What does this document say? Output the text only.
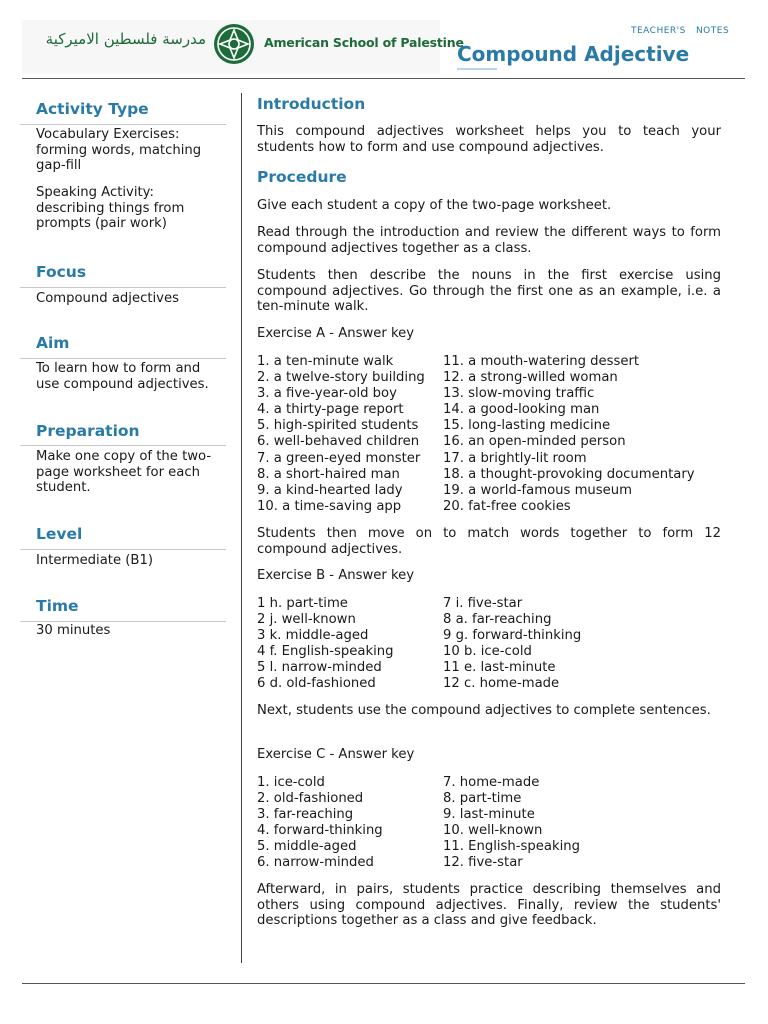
مدرسة فلسطين الاميركية	American School of Palestine
TEACHER'S   NOTES
Compound Adjective
Activity Type
Vocabulary Exercises: forming words, matching gap-fill
Speaking Activity: describing things from prompts (pair work)
Focus
Compound adjectives
Aim
To learn how to form and use compound adjectives.
Preparation
Make one copy of the two-page worksheet for each student.
Level
Intermediate (B1)
Time
30 minutes
Introduction
This compound adjectives worksheet helps you to teach your students how to form and use compound adjectives.
Procedure
Give each student a copy of the two-page worksheet.
Read through the introduction and review the different ways to form compound adjectives together as a class.
Students then describe the nouns in the first exercise using compound adjectives. Go through the first one as an example, i.e. a ten-minute walk.
Exercise A - Answer key
1. a ten-minute walk
2. a twelve-story building
3. a five-year-old boy
4. a thirty-page report
5. high-spirited students
6. well-behaved children
7. a green-eyed monster
8. a short-haired man
9. a kind-hearted lady
10. a time-saving app
11. a mouth-watering dessert
12. a strong-willed woman
13. slow-moving traffic
14. a good-looking man
15. long-lasting medicine
16. an open-minded person
17. a brightly-lit room
18. a thought-provoking documentary
19. a world-famous museum
20. fat-free cookies
Students then move on to match words together to form 12 compound adjectives.
Exercise B - Answer key
1 h. part-time
2 j. well-known
3 k. middle-aged
4 f. English-speaking
5 l. narrow-minded
6 d. old-fashioned
7 i. five-star
8 a. far-reaching
9 g. forward-thinking
10 b. ice-cold
11 e. last-minute
12 c. home-made
Next, students use the compound adjectives to complete sentences.
Exercise C - Answer key
1. ice-cold
2. old-fashioned
3. far-reaching
4. forward-thinking
5. middle-aged
6. narrow-minded
7. home-made
8. part-time
9. last-minute
10. well-known
11. English-speaking
12. five-star
Afterward, in pairs, students practice describing themselves and others using compound adjectives. Finally, review the students' descriptions together as a class and give feedback.
